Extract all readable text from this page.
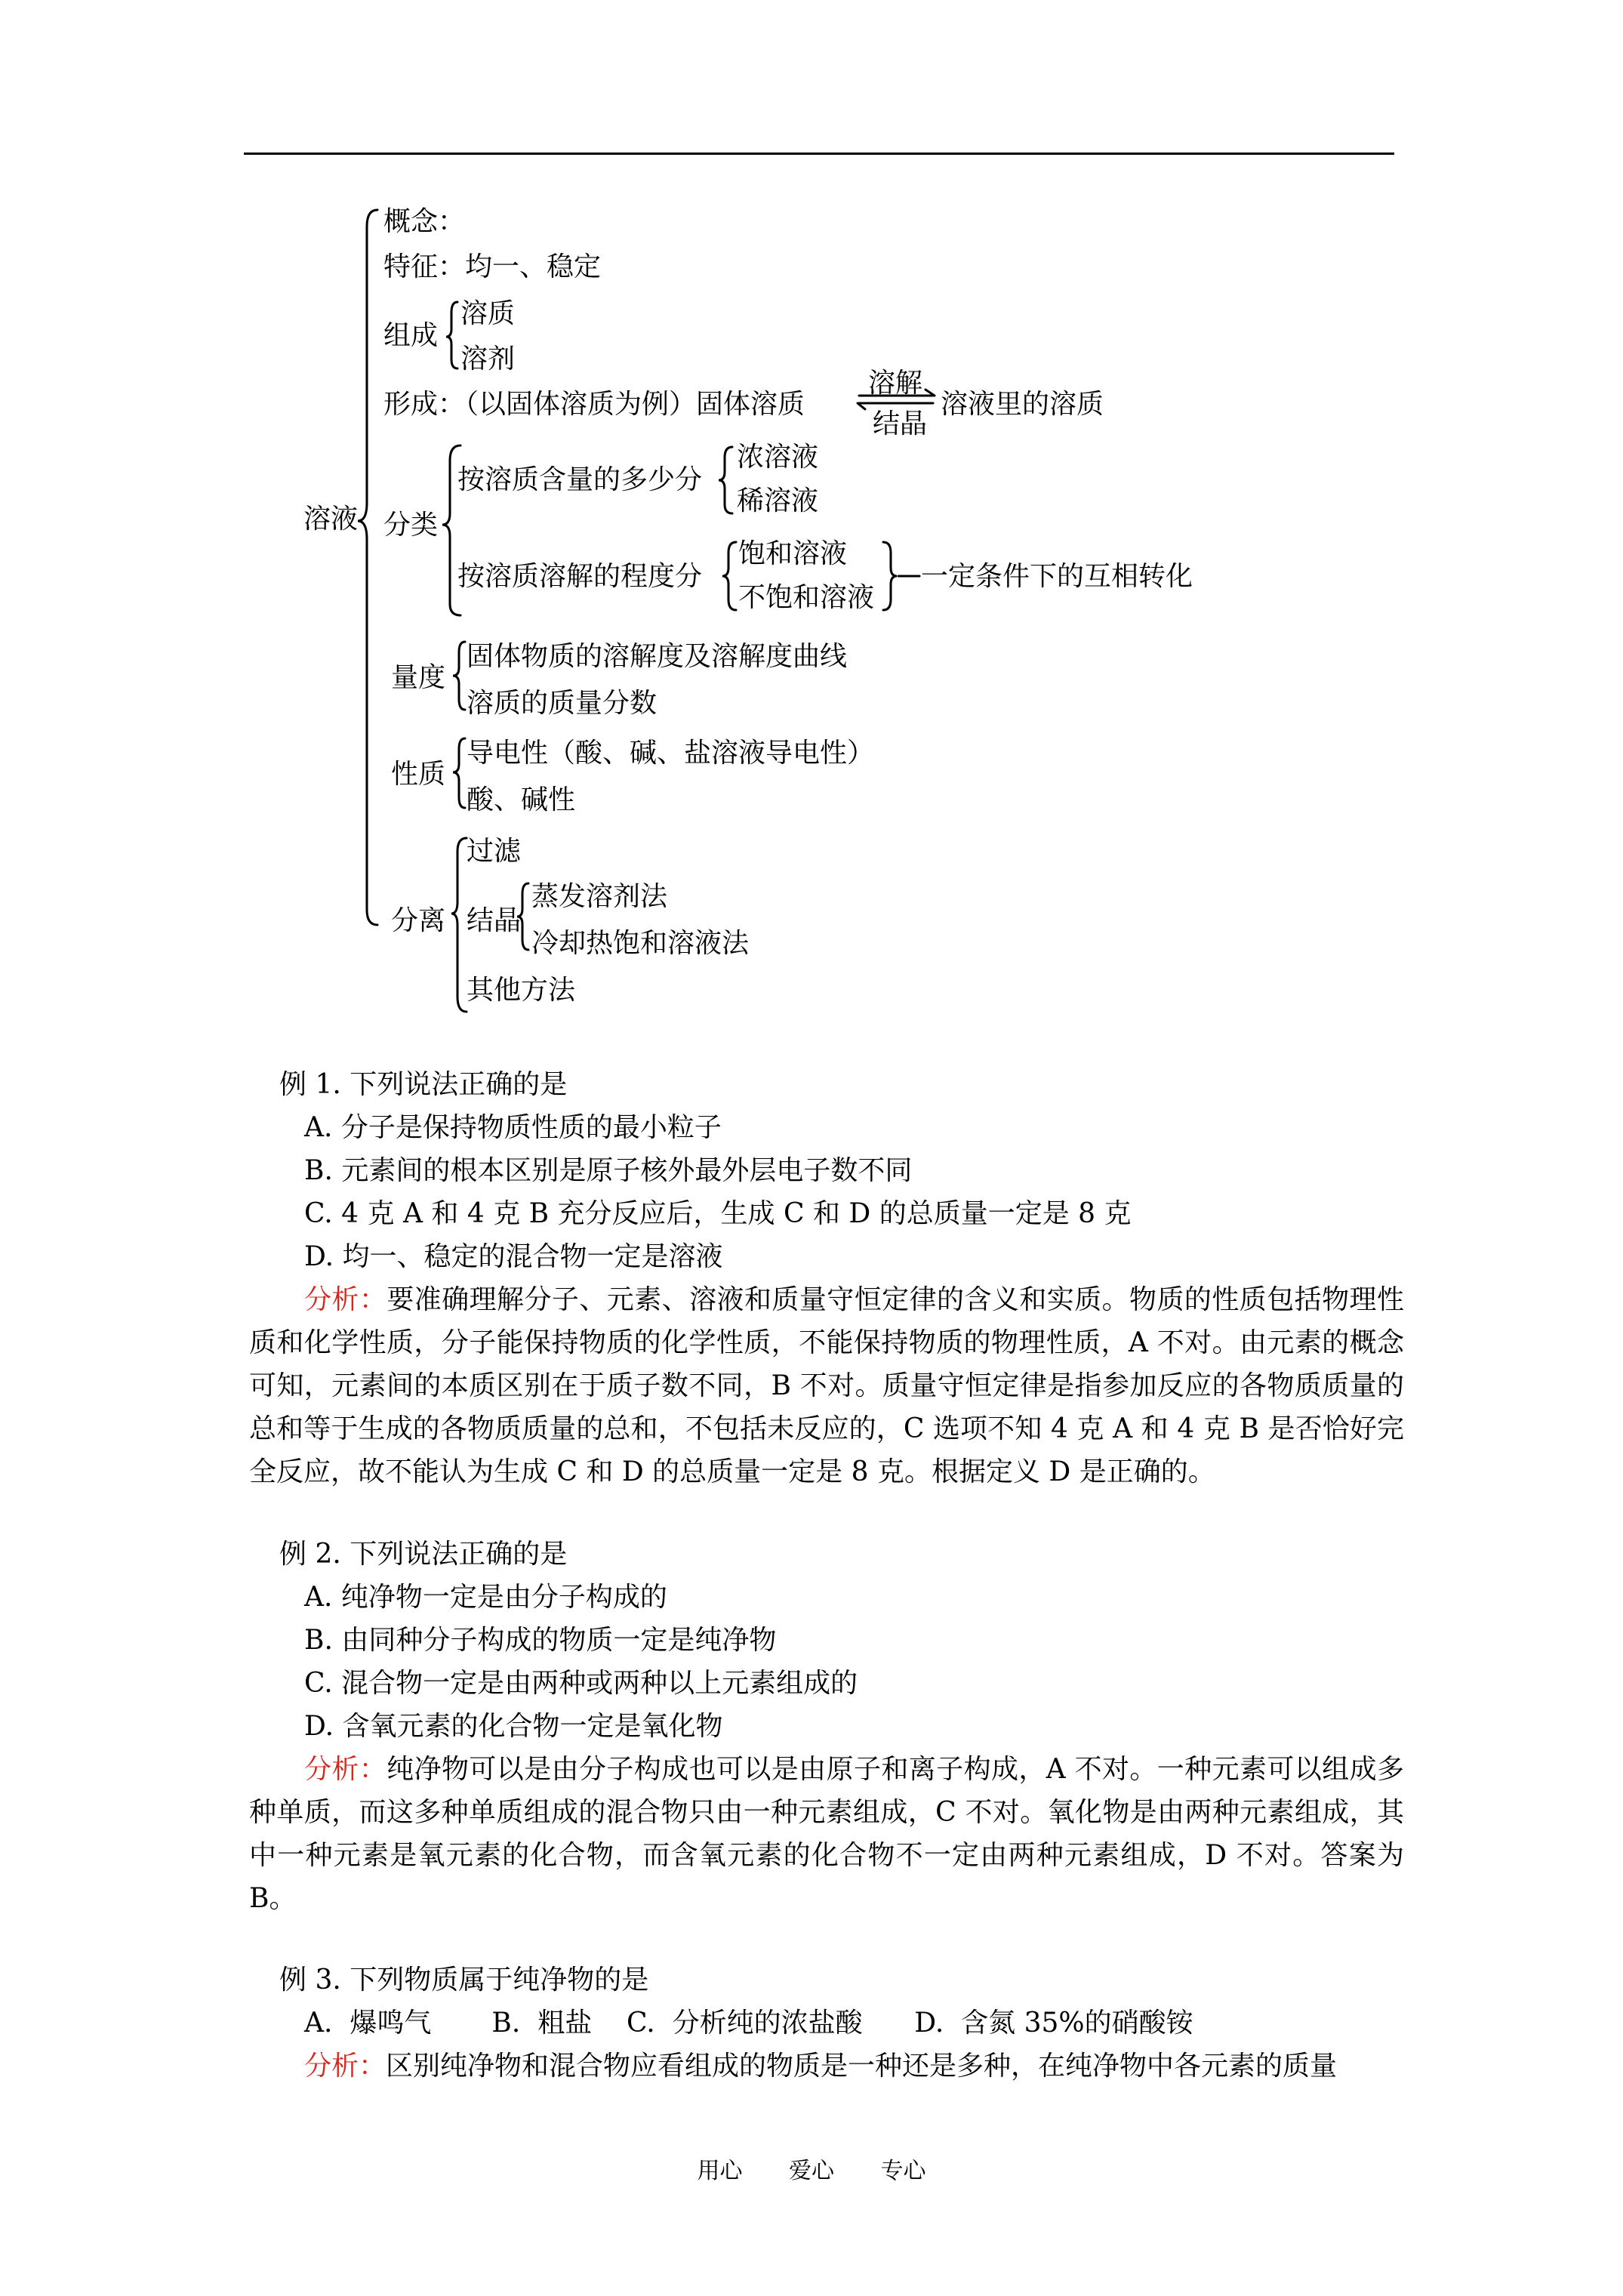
溶液
概念：
特征：均一、稳定
组成
溶质
溶剂
形成：（以固体溶质为例）固体溶质
溶解
结晶
溶液里的溶质
分类
按溶质含量的多少分
浓溶液
稀溶液
按溶质溶解的程度分
饱和溶液
不饱和溶液
一定条件下的互相转化
量度
固体物质的溶解度及溶解度曲线
溶质的质量分数
性质
导电性（酸、碱、盐溶液导电性）
酸、碱性
分离
过滤
结晶
蒸发溶剂法
冷却热饱和溶液法
其他方法
例 1. 下列说法正确的是
A. 分子是保持物质性质的最小粒子
B. 元素间的根本区别是原子核外最外层电子数不同
C. 4 克 A 和 4 克 B 充分反应后，生成 C 和 D 的总质量一定是 8 克
D. 均一、稳定的混合物一定是溶液
分析：要准确理解分子、元素、溶液和质量守恒定律的含义和实质。物质的性质包括物理性质和化学性质，分子能保持物质的化学性质，不能保持物质的物理性质，A 不对。由元素的概念可知，元素间的本质区别在于质子数不同，B 不对。质量守恒定律是指参加反应的各物质质量的总和等于生成的各物质质量的总和，不包括未反应的，C 选项不知 4 克 A 和 4 克 B 是否恰好完全反应，故不能认为生成 C 和 D 的总质量一定是 8 克。根据定义 D 是正确的。
例 2. 下列说法正确的是
A. 纯净物一定是由分子构成的
B. 由同种分子构成的物质一定是纯净物
C. 混合物一定是由两种或两种以上元素组成的
D. 含氧元素的化合物一定是氧化物
分析：纯净物可以是由分子构成也可以是由原子和离子构成，A 不对。一种元素可以组成多种单质，而这多种单质组成的混合物只由一种元素组成，C 不对。氧化物是由两种元素组成，其中一种元素是氧元素的化合物，而含氧元素的化合物不一定由两种元素组成，D 不对。答案为 B。
例 3. 下列物质属于纯净物的是
A.  爆鸣气       B.  粗盐    C.  分析纯的浓盐酸      D.  含氮 35%的硝酸铵
分析：区别纯净物和混合物应看组成的物质是一种还是多种，在纯净物中各元素的质量
用心 爱心 专心
